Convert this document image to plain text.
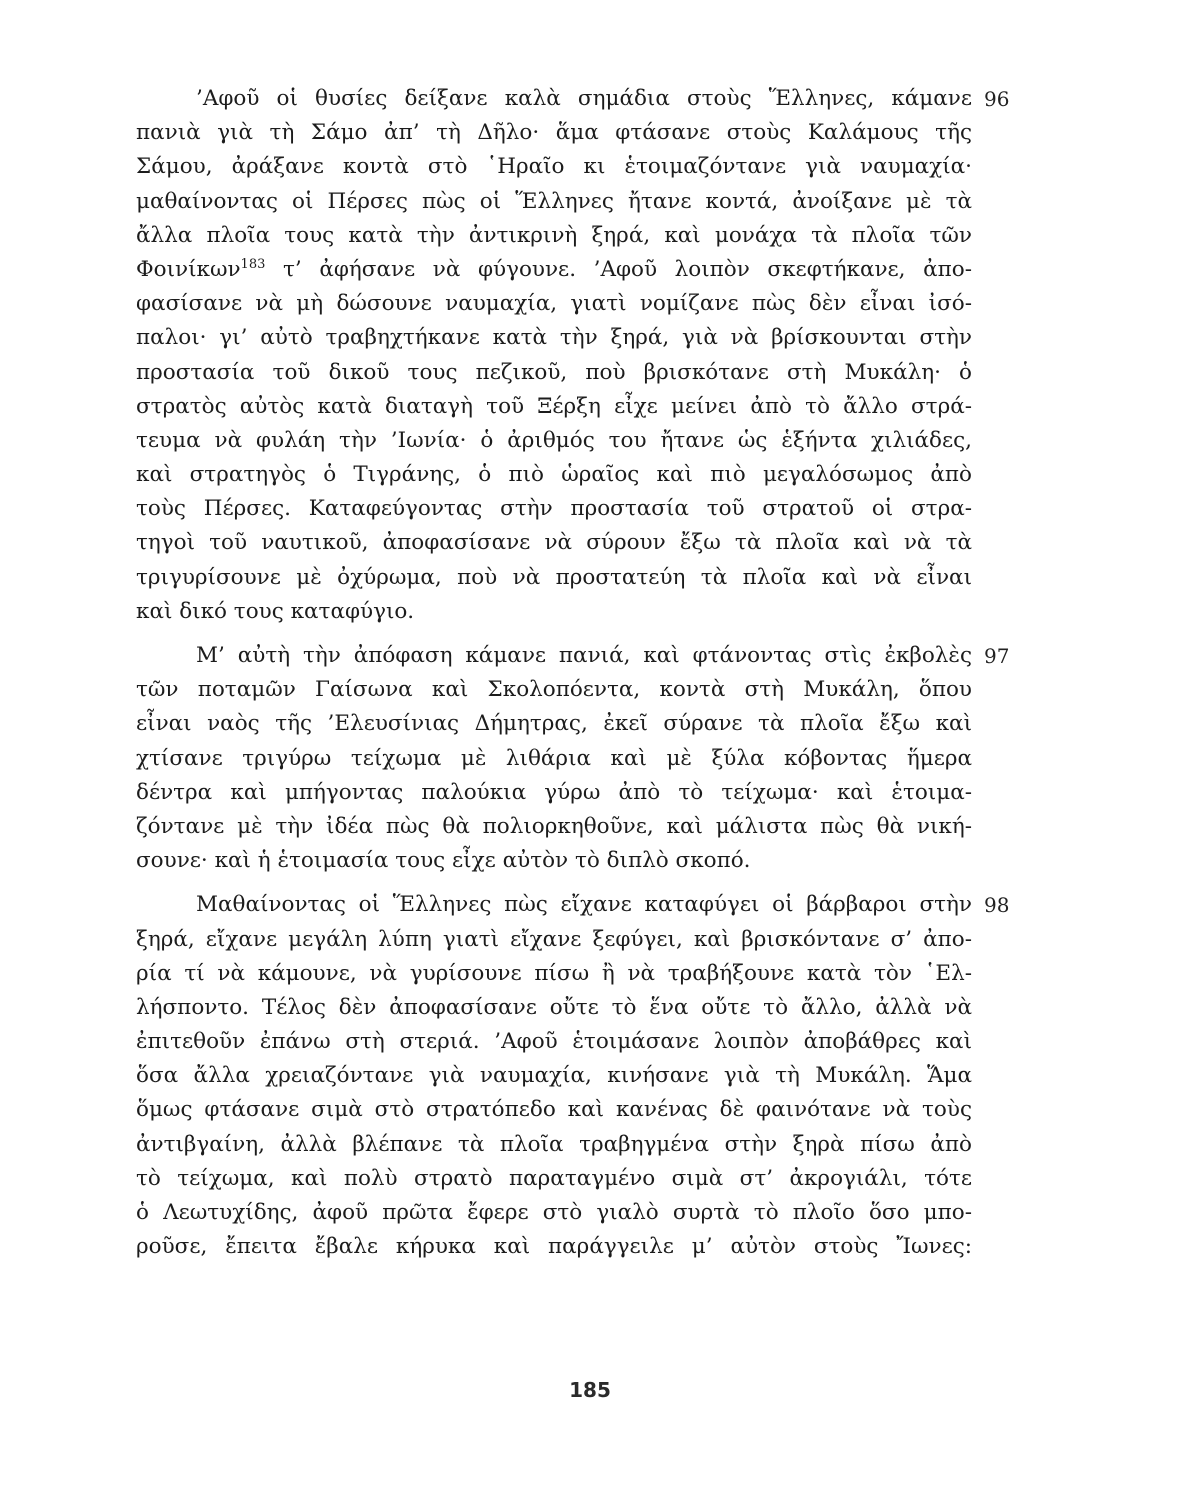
96
’Αφοῦ οἱ θυσίες δείξανε καλὰ σημάδια στοὺς Ἕλληνες, κάμανε
πανιὰ γιὰ τὴ Σάμο ἀπ’ τὴ Δῆλο· ἅμα φτάσανε στοὺς Καλάμους τῆς
Σάμου, ἀράξανε κοντὰ στὸ ῾Ηραῖο κι ἑτοιμαζόντανε γιὰ ναυμαχία·
μαθαίνοντας οἱ Πέρσες πὼς οἱ Ἕλληνες ἤτανε κοντά, ἀνοίξανε μὲ τὰ
ἄλλα πλοῖα τους κατὰ τὴν ἀντικρινὴ ξηρά, καὶ μονάχα τὰ πλοῖα τῶν
Φοινίκων$^{183}$ τ’ ἀφήσανε νὰ φύγουνε. ’Αφοῦ λοιπὸν σκεφτήκανε, ἀπο-
φασίσανε νὰ μὴ δώσουνε ναυμαχία, γιατὶ νομίζανε πὼς δὲν εἶναι ἰσό-
παλοι· γι’ αὐτὸ τραβηχτήκανε κατὰ τὴν ξηρά, γιὰ νὰ βρίσκουνται στὴν
προστασία τοῦ δικοῦ τους πεζικοῦ, ποὺ βρισκότανε στὴ Μυκάλη· ὁ
στρατὸς αὐτὸς κατὰ διαταγὴ τοῦ Ξέρξη εἶχε μείνει ἀπὸ τὸ ἄλλο στρά-
τευμα νὰ φυλάη τὴν ’Ιωνία· ὁ ἀριθμός του ἤτανε ὡς ἑξήντα χιλιάδες,
καὶ στρατηγὸς ὁ Τιγράνης, ὁ πιὸ ὡραῖος καὶ πιὸ μεγαλόσωμος ἀπὸ
τοὺς Πέρσες. Καταφεύγοντας στὴν προστασία τοῦ στρατοῦ οἱ στρα-
τηγοὶ τοῦ ναυτικοῦ, ἀποφασίσανε νὰ σύρουν ἔξω τὰ πλοῖα καὶ νὰ τὰ
τριγυρίσουνε μὲ ὀχύρωμα, ποὺ νὰ προστατεύη τὰ πλοῖα καὶ νὰ εἶναι
καὶ δικό τους καταφύγιο.
97
Μ’ αὐτὴ τὴν ἀπόφαση κάμανε πανιά, καὶ φτάνοντας στὶς ἐκβολὲς
τῶν ποταμῶν Γαίσωνα καὶ Σκολοπόεντα, κοντὰ στὴ Μυκάλη, ὅπου
εἶναι ναὸς τῆς ’Ελευσίνιας Δήμητρας, ἐκεῖ σύρανε τὰ πλοῖα ἔξω καὶ
χτίσανε τριγύρω τείχωμα μὲ λιθάρια καὶ μὲ ξύλα κόβοντας ἥμερα
δέντρα καὶ μπήγοντας παλούκια γύρω ἀπὸ τὸ τείχωμα· καὶ ἑτοιμα-
ζόντανε μὲ τὴν ἰδέα πὼς θὰ πολιορκηθοῦνε, καὶ μάλιστα πὼς θὰ νική-
σουνε· καὶ ἡ ἑτοιμασία τους εἶχε αὐτὸν τὸ διπλὸ σκοπό.
98
Μαθαίνοντας οἱ Ἕλληνες πὼς εἴχανε καταφύγει οἱ βάρβαροι στὴν
ξηρά, εἴχανε μεγάλη λύπη γιατὶ εἴχανε ξεφύγει, καὶ βρισκόντανε σ’ ἀπο-
ρία τί νὰ κάμουνε, νὰ γυρίσουνε πίσω ἢ νὰ τραβήξουνε κατὰ τὸν ῾Ελ-
λήσποντο. Τέλος δὲν ἀποφασίσανε οὔτε τὸ ἕνα οὔτε τὸ ἄλλο, ἀλλὰ νὰ
ἐπιτεθοῦν ἐπάνω στὴ στεριά. ’Αφοῦ ἑτοιμάσανε λοιπὸν ἀποβάθρες καὶ
ὅσα ἄλλα χρειαζόντανε γιὰ ναυμαχία, κινήσανε γιὰ τὴ Μυκάλη. Ἅμα
ὅμως φτάσανε σιμὰ στὸ στρατόπεδο καὶ κανένας δὲ φαινότανε νὰ τοὺς
ἀντιβγαίνη, ἀλλὰ βλέπανε τὰ πλοῖα τραβηγμένα στὴν ξηρὰ πίσω ἀπὸ
τὸ τείχωμα, καὶ πολὺ στρατὸ παραταγμένο σιμὰ στ’ ἀκρογιάλι, τότε
ὁ Λεωτυχίδης, ἀφοῦ πρῶτα ἔφερε στὸ γιαλὸ συρτὰ τὸ πλοῖο ὅσο μπο-
ροῦσε, ἔπειτα ἔβαλε κήρυκα καὶ παράγγειλε μ’ αὐτὸν στοὺς Ἴωνες:
185
